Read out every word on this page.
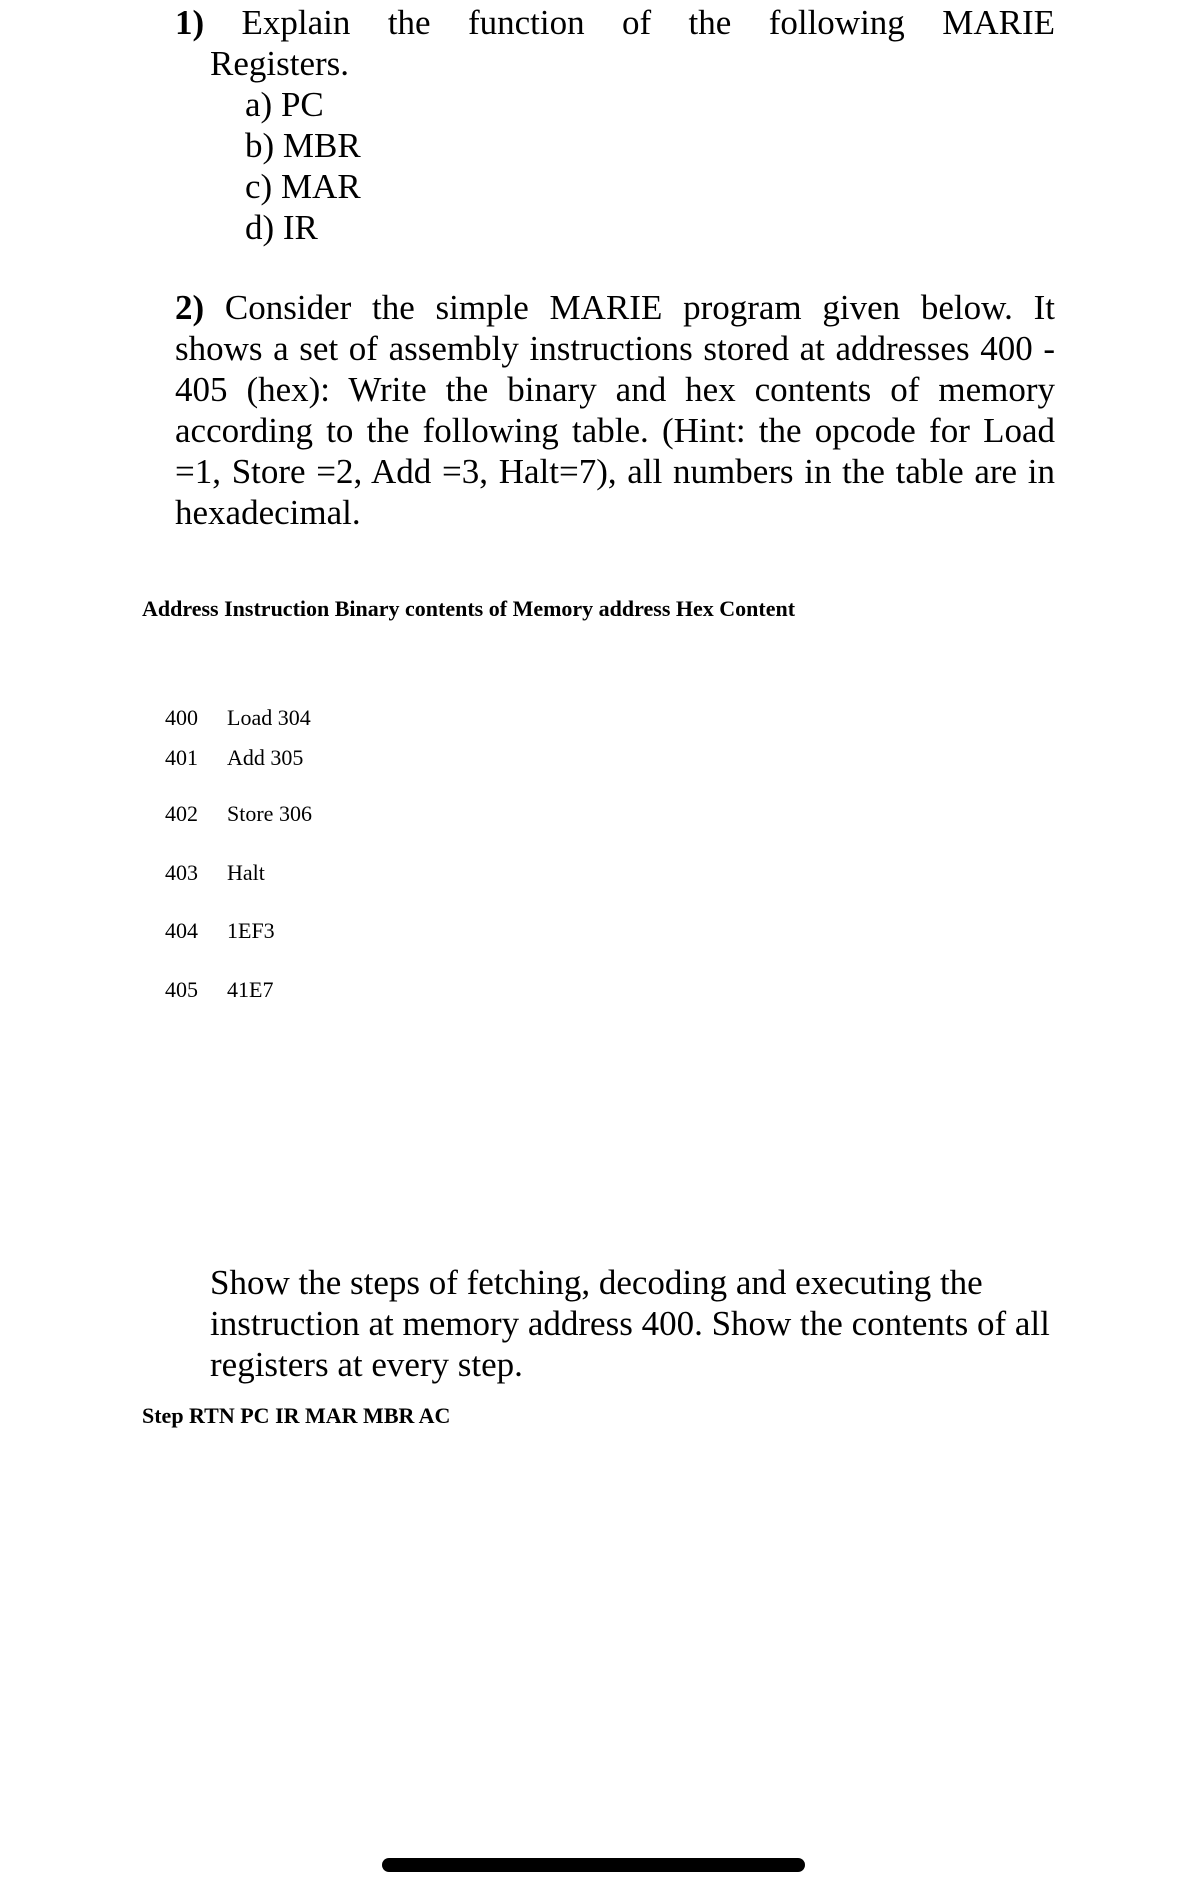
1) Explain the function of the following MARIE
Registers.
a) PC
b) MBR
c) MAR
d) IR
2) Consider the simple MARIE program given below. It shows a set of assembly instructions stored at addresses 400 - 405 (hex): Write the binary and hex contents of memory according to the following table. (Hint: the opcode for Load =1, Store =2, Add =3, Halt=7), all numbers in the table are in hexadecimal.
Address Instruction Binary contents of Memory address Hex Content
400 Load 304
401 Add 305
402 Store 306
403 Halt
404 1EF3
405 41E7
Show the steps of fetching, decoding and executing the instruction at memory address 400. Show the contents of all registers at every step.
Step RTN PC IR MAR MBR AC
